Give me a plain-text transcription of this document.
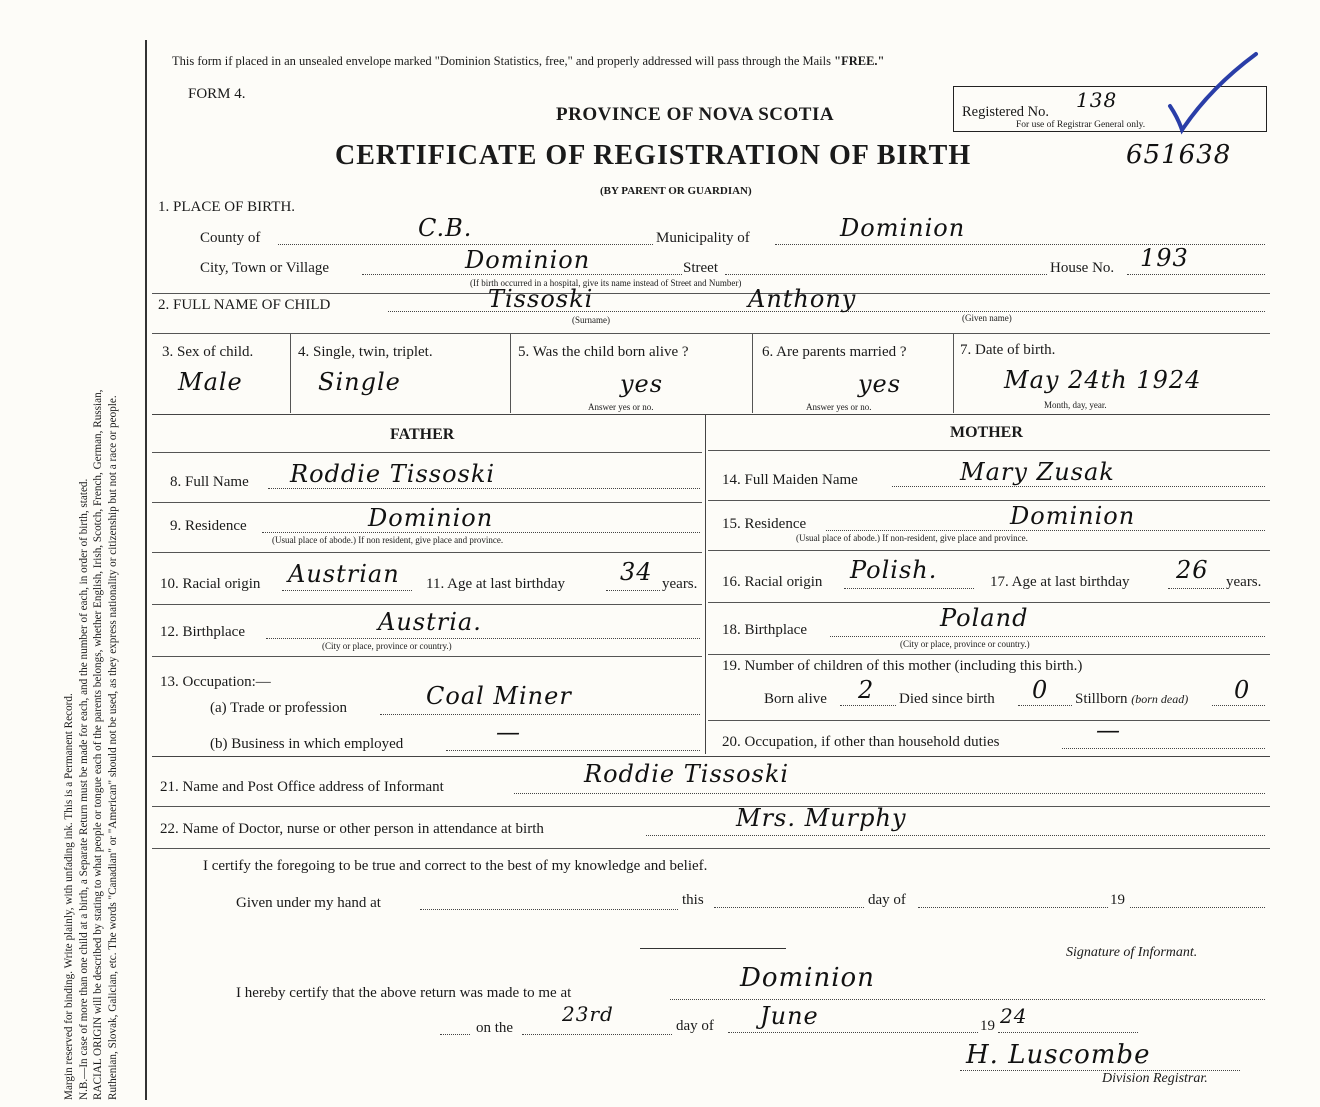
Margin reserved for binding. Write plainly, with unfading ink. This is a Permanent Record. N.B.—In case of more than one child at a birth, a Separate Return must be made for each, and the number of each, in order of birth, stated. RACIAL ORIGIN will be described by stating to what people or tongue each of the parents belongs, whether English, Irish, Scotch, French, German, Russian, Ruthenian, Slovak, Galician, etc. The words "Canadian" or "American" should not be used, as they express nationality or citizenship but not a race or people.
This form if placed in an unsealed envelope marked "Dominion Statistics, free," and properly addressed will pass through the Mails "FREE."
FORM 4.
PROVINCE OF NOVA SCOTIA
CERTIFICATE OF REGISTRATION OF BIRTH
(BY PARENT OR GUARDIAN)
Registered No.
For use of Registrar General only.
138
651638
1. PLACE OF BIRTH.
County of	C.B.	Municipality of	Dominion
City, Town or Village	Dominion	Street	House No. 193
(If birth occurred in a hospital, give its name instead of Street and Number)
2. FULL NAME OF CHILD	Tissoski	Anthony
(Surname)	(Given name)
3. Sex of child.
Male
4. Single, twin, triplet.
Single
5. Was the child born alive ?
yes
Answer yes or no.
6. Are parents married ?
yes
Answer yes or no.
7. Date of birth.
May 24th 1924
Month, day, year.
FATHER	MOTHER
8. Full Name Roddie Tissoski
9. Residence	Dominion
(Usual place of abode.) If non resident, give place and province.
10. Racial origin Austrian 11. Age at last birthday 34 years.
12. Birthplace	Austria.
(City or place, province or country.)
13. Occupation:—
(a) Trade or profession	Coal Miner
(b) Business in which employed	—
14. Full Maiden Name	Mary Zusak
15. Residence	Dominion
(Usual place of abode.) If non-resident, give place and province.
16. Racial origin Polish.	17. Age at last birthday 26 years.
18. Birthplace	Poland
(City or place, province or country.)
19. Number of children of this mother (including this birth.)
Born alive 2 Died since birth 0 Stillborn (born dead) 0
20. Occupation, if other than household duties	—
21. Name and Post Office address of Informant	Roddie Tissoski
22. Name of Doctor, nurse or other person in attendance at birth	Mrs. Murphy
I certify the foregoing to be true and correct to the best of my knowledge and belief.
Given under my hand at	this	day of	19
Signature of Informant.
I hereby certify that the above return was made to me at	Dominion
on the
23rd	day of June	19 24
H. Luscombe
Division Registrar.
